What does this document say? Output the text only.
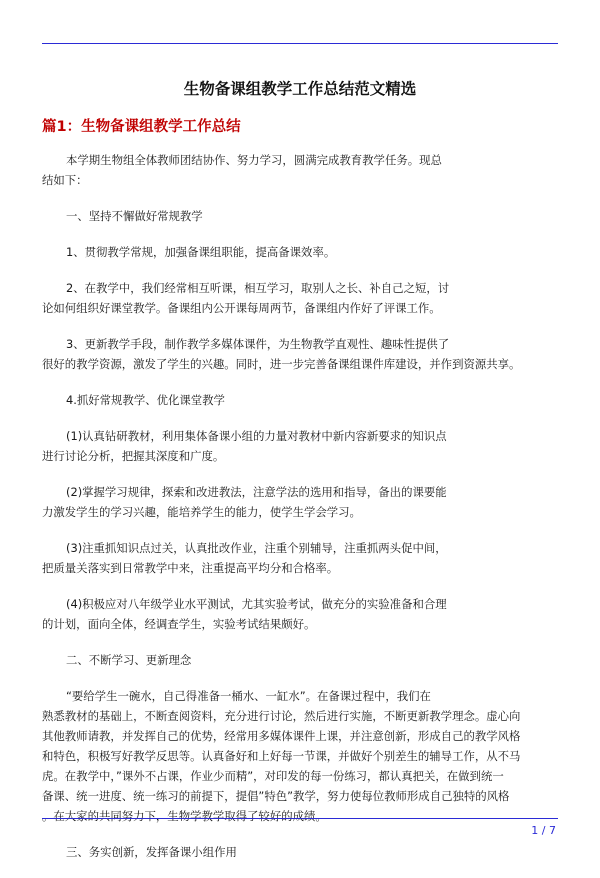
生物备课组教学工作总结范文精选
篇1：生物备课组教学工作总结
本学期生物组全体教师团结协作、努力学习，圆满完成教育教学任务。现总
结如下：
一、坚持不懈做好常规教学
1、贯彻教学常规，加强备课组职能，提高备课效率。
2、在教学中，我们经常相互听课，相互学习，取别人之长、补自己之短，讨
论如何组织好课堂教学。备课组内公开课每周两节，备课组内作好了评课工作。
3、更新教学手段，制作教学多媒体课件，为生物教学直观性、趣味性提供了
很好的教学资源，激发了学生的兴趣。同时，进一步完善备课组课件库建设，并作到资源共享。
4.抓好常规教学、优化课堂教学
(1)认真钻研教材，利用集体备课小组的力量对教材中新内容新要求的知识点
进行讨论分析，把握其深度和广度。
(2)掌握学习规律，探索和改进教法，注意学法的选用和指导，备出的课要能
力激发学生的学习兴趣，能培养学生的能力，使学生学会学习。
(3)注重抓知识点过关，认真批改作业，注重个别辅导，注重抓两头促中间，
把质量关落实到日常教学中来，注重提高平均分和合格率。
(4)积极应对八年级学业水平测试，尤其实验考试，做充分的实验准备和合理
的计划，面向全体，经调查学生，实验考试结果颇好。
二、不断学习、更新理念
“要给学生一碗水，自己得准备一桶水、一缸水”。在备课过程中，我们在
熟悉教材的基础上，不断查阅资料，充分进行讨论，然后进行实施，不断更新教学理念。虚心向
其他教师请教，并发挥自己的优势，经常用多媒体课件上课，并注意创新，形成自己的教学风格
和特色，积极写好教学反思等。认真备好和上好每一节课，并做好个别差生的辅导工作，从不马
虎。在教学中，”课外不占课，作业少而精”，对印发的每一份练习，都认真把关，在做到统一
备课、统一进度、统一练习的前提下，提倡”特色”教学，努力使每位教师形成自己独特的风格
。在大家的共同努力下，生物学教学取得了较好的成绩。
三、务实创新，发挥备课小组作用
1 / 7
